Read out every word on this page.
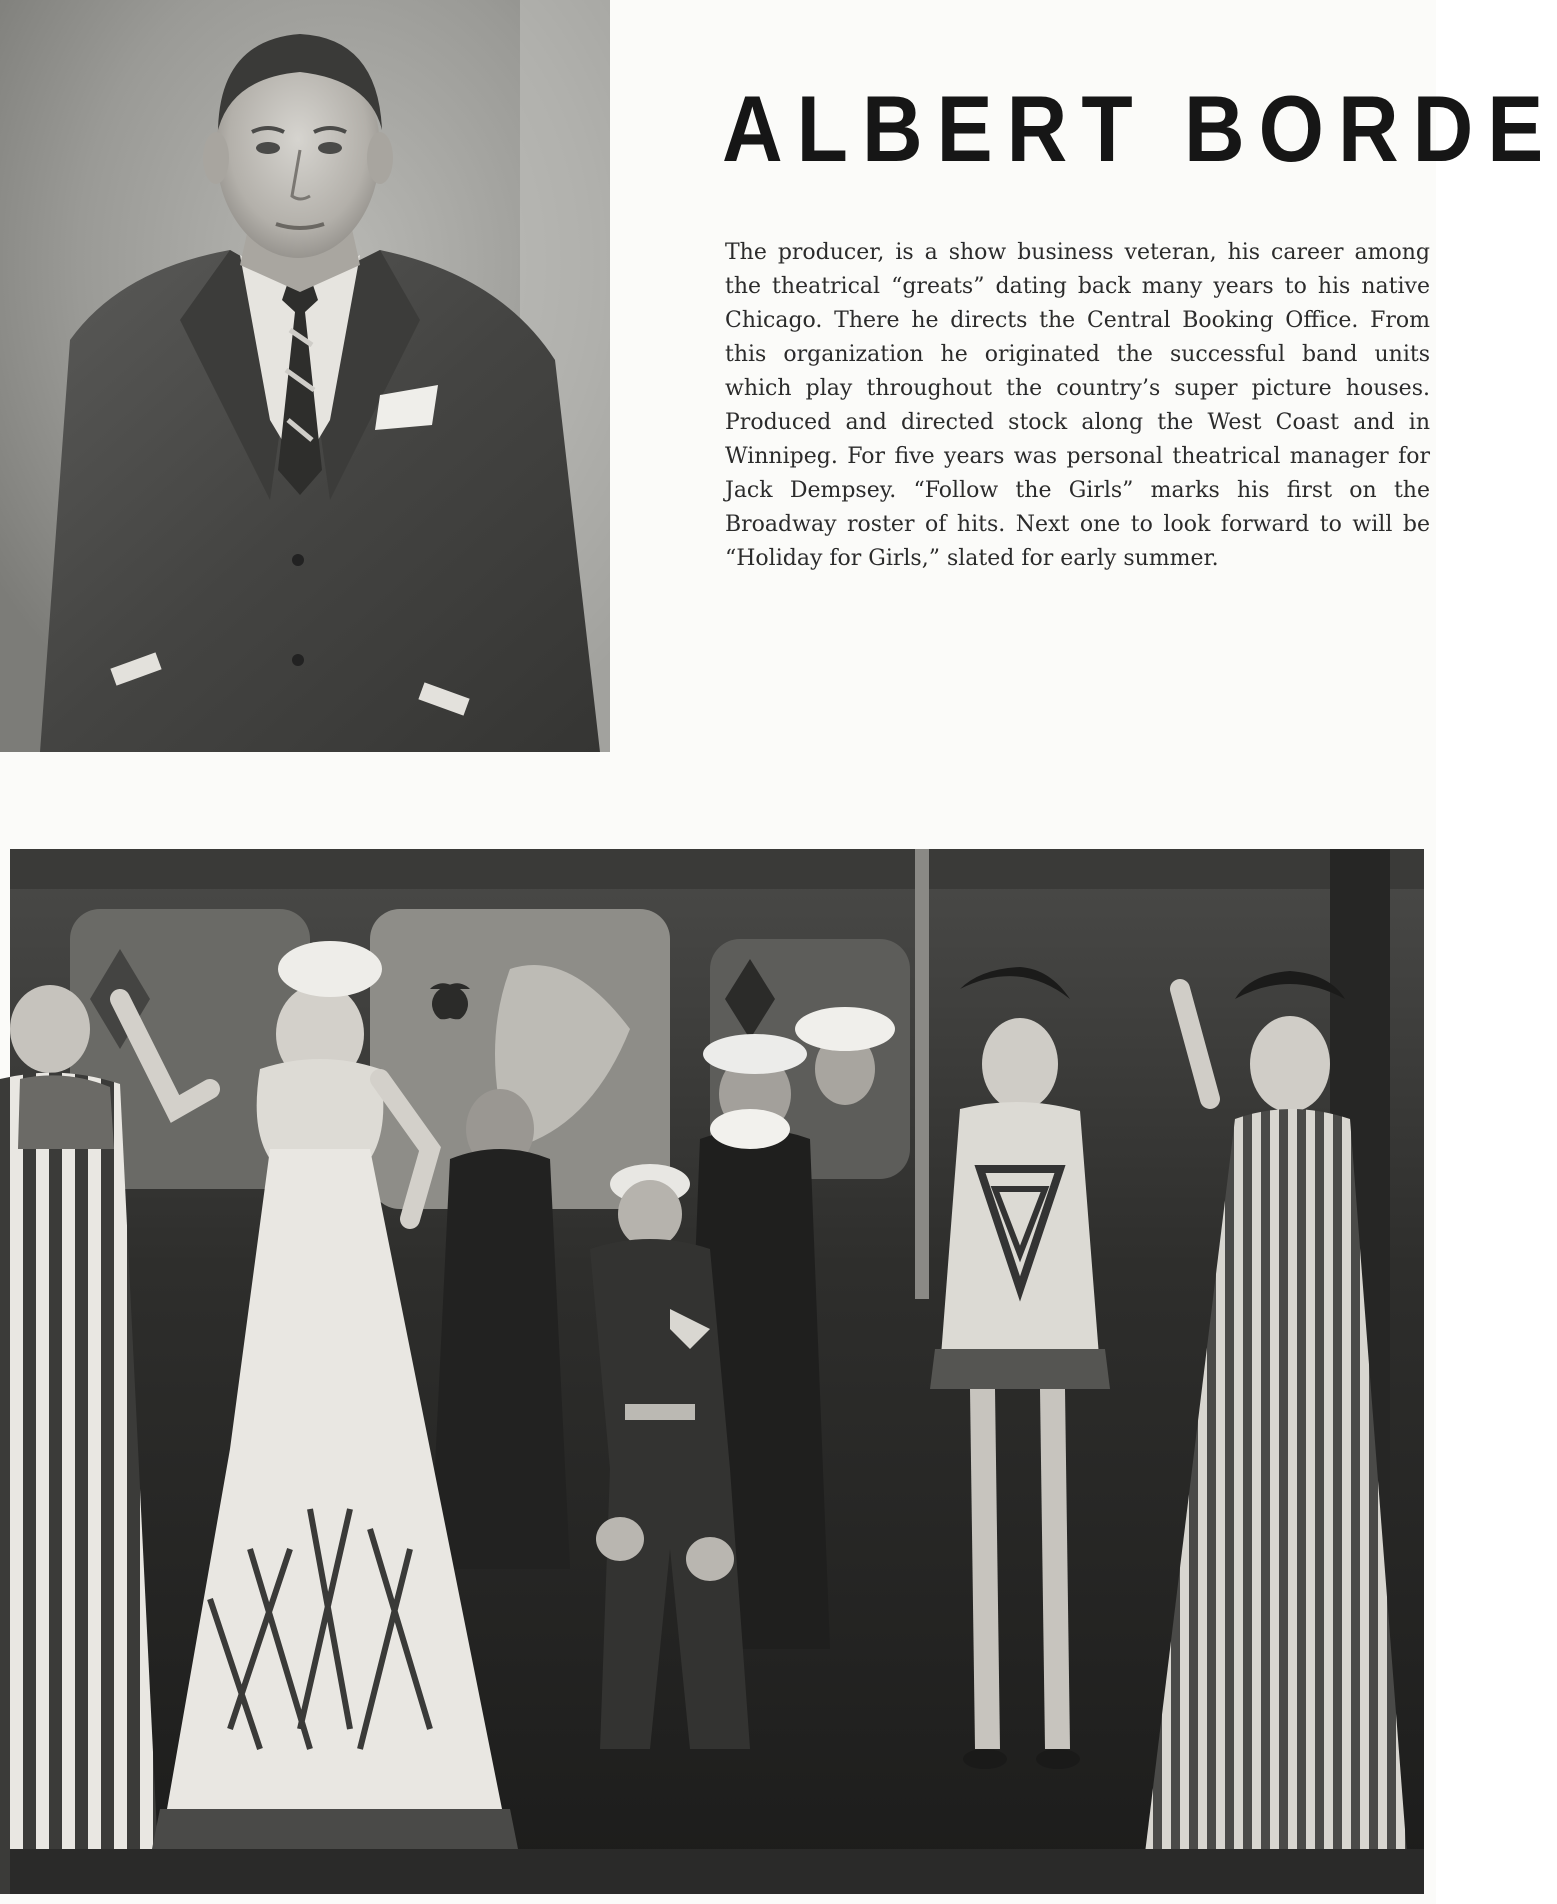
ALBERT BORDE

The producer, is a show business veteran, his career among the theatrical “greats” dating back many years to his native Chicago. There he directs the Central Booking Office. From this organization he originated the successful band units which play throughout the country’s super picture houses. Produced and directed stock along the West Coast and in Winnipeg. For five years was personal theatrical manager for Jack Dempsey. “Follow the Girls” marks his first on the Broadway roster of hits. Next one to look forward to will be “Holiday for Girls,” slated for early summer.
